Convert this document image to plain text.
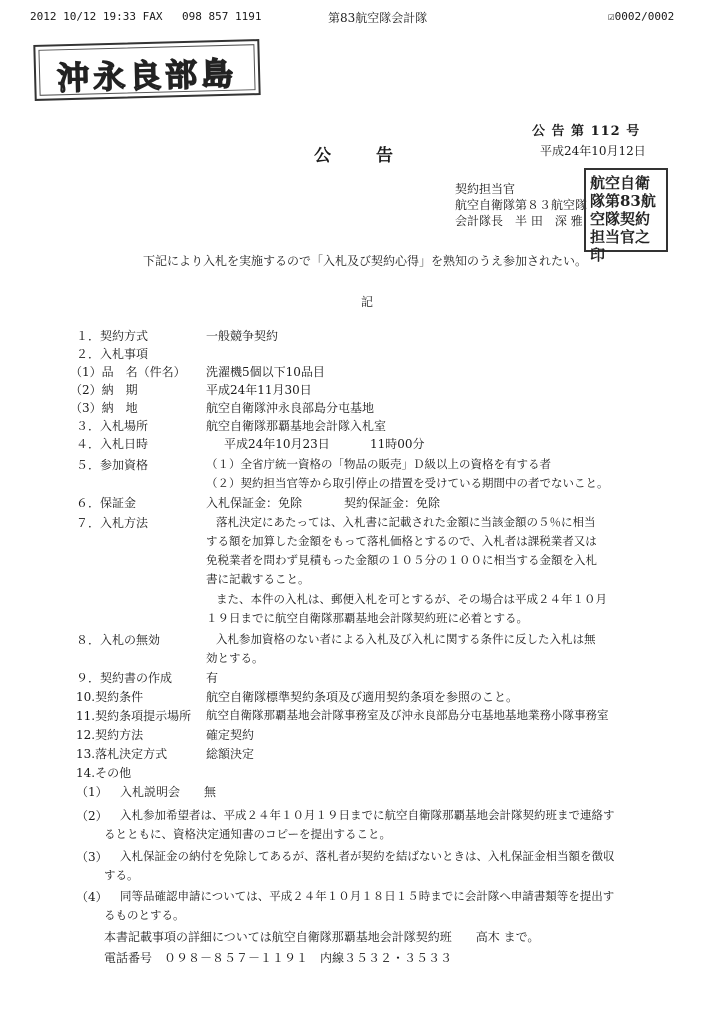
2012 10/12 19:33 FAX 098 857 1191	第83航空隊会計隊	☑0002/0002
沖永良部島
公 告 第 112 号
平成24年10月12日
公	告
契約担当官
航空自衛隊第８３航空隊
会計隊長　半 田　深 雅
航空自衛隊第83航空隊契約担当官之印
下記により入札を実施するので「入札及び契約心得」を熟知のうえ参加されたい。
記
１．契約方式	一般競争契約
２．入札事項
（1）品　名（件名） 洗濯機5個以下10品目
（2）納　期	平成24年11月30日
（3）納　地	航空自衛隊沖永良部島分屯基地
３．入札場所	航空自衛隊那覇基地会計隊入札室
４．入札日時	平成24年10月23日	11時00分
５．参加資格	（１）全省庁統一資格の「物品の販売」Ｄ級以上の資格を有する者
（２）契約担当官等から取引停止の措置を受けている期間中の者でないこと。
６．保証金	入札保証金：免除	契約保証金：免除
７．入札方法	落札決定にあたっては、入札書に記載された金額に当該金額の５％に相当
する額を加算した金額をもって落札価格とするので、入札者は課税業者又は
免税業者を問わず見積もった金額の１０５分の１００に相当する金額を入札
書に記載すること。
また、本件の入札は、郵便入札を可とするが、その場合は平成２４年１０月
１９日までに航空自衛隊那覇基地会計隊契約班に必着とする。
８．入札の無効	入札参加資格のない者による入札及び入札に関する条件に反した入札は無
効とする。
９．契約書の作成	有
10.契約条件	航空自衛隊標準契約条項及び適用契約条項を参照のこと。
11.契約条項提示場所 航空自衛隊那覇基地会計隊事務室及び沖永良部島分屯基地基地業務小隊事務室
12.契約方法	確定契約
13.落札決定方式	総額決定
14.その他
（1） 入札説明会　　無
（2） 入札参加希望者は、平成２４年１０月１９日までに航空自衛隊那覇基地会計隊契約班まで連絡す
るとともに、資格決定通知書のコピーを提出すること。
（3） 入札保証金の納付を免除してあるが、落札者が契約を結ばないときは、入札保証金相当額を徴収
する。
（4） 同等品確認申請については、平成２４年１０月１８日１５時までに会計隊へ申請書類等を提出す
るものとする。
本書記載事項の詳細については航空自衛隊那覇基地会計隊契約班　　高木 まで。
電話番号　０９８－８５７－１１９１　内線３５３２・３５３３
